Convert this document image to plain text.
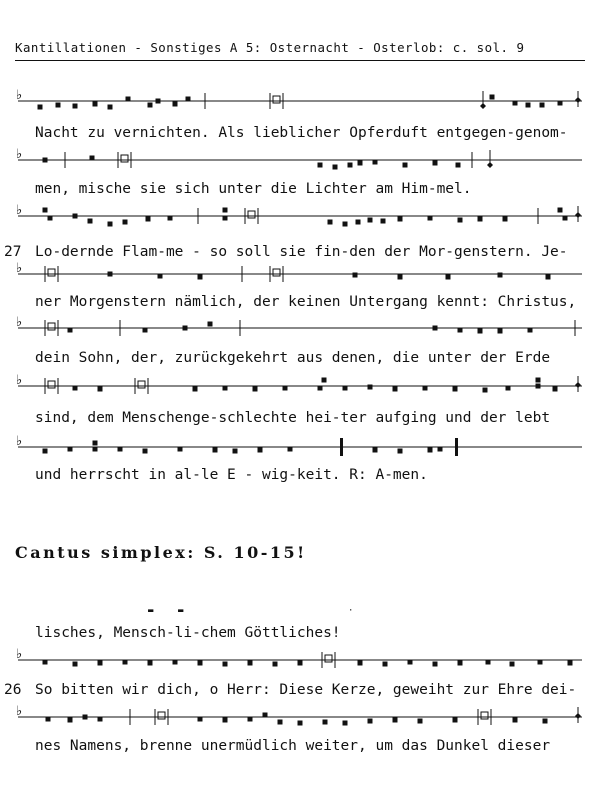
Kantillationen - Sonstiges A 5: Osternacht - Osterlob: c. sol. 9
♭
Nacht zu vernichten. Als lieblicher Opferduft entgegen-genom-
♭
men, mische sie sich unter die Lichter am Him-mel.
♭
27 Lo-dernde Flam-me - so soll sie fin-den der Mor-genstern. Je-
♭
ner Morgenstern nämlich, der keinen Untergang kennt: Christus,
♭
dein Sohn, der, zurückgekehrt aus denen, die unter der Erde
♭
sind, dem Menschenge-schlechte hei-ter aufging und der lebt
♭
und herrscht in al-le E - wig-keit. R: A-men.
Cantus simplex: S. 10-15!
▬	▬	·
lisches, Mensch-li-chem Göttliches!
♭
26 So bitten wir dich, o Herr: Diese Kerze, geweiht zur Ehre dei-
♭
nes Namens, brenne unermüdlich weiter, um das Dunkel dieser
